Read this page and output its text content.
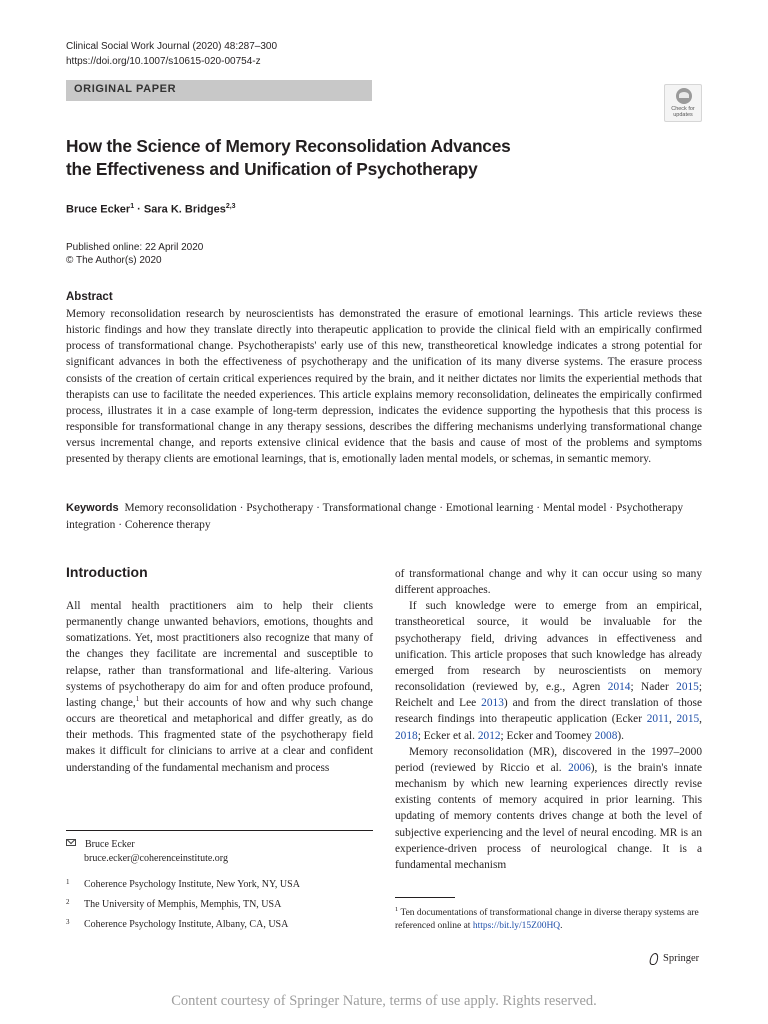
Clinical Social Work Journal (2020) 48:287–300
https://doi.org/10.1007/s10615-020-00754-z
ORIGINAL PAPER
Check for
updates
How the Science of Memory Reconsolidation Advances
the Effectiveness and Unification of Psychotherapy
Bruce Ecker$^1$ · Sara K. Bridges$^{2,3}$
Published online: 22 April 2020
© The Author(s) 2020
Abstract
Memory reconsolidation research by neuroscientists has demonstrated the erasure of emotional learnings. This article reviews these historic findings and how they translate directly into therapeutic application to provide the clinical field with an empirically confirmed process of transformational change. Psychotherapists' early use of this new, transtheoretical knowledge indicates a strong potential for significant advances in both the effectiveness of psychotherapy and the unification of its many diverse systems. The erasure process consists of the creation of certain critical experiences required by the brain, and it neither dictates nor limits the experiential methods that therapists can use to facilitate the needed experiences. This article explains memory reconsolidation, delineates the empirically confirmed process, illustrates it in a case example of long-term depression, indicates the evidence supporting the hypothesis that this process is responsible for transformational change in any therapy sessions, describes the differing mechanisms underlying transformational change versus incremental change, and reports extensive clinical evidence that the basis and cause of most of the problems and symptoms presented by therapy clients are emotional learnings, that is, emotionally laden mental models, or schemas, in semantic memory.
Keywords Memory reconsolidation · Psychotherapy · Transformational change · Emotional learning · Mental model · Psychotherapy integration · Coherence therapy
Introduction

All mental health practitioners aim to help their clients permanently change unwanted behaviors, emotions, thoughts and somatizations. Yet, most practitioners also recognize that many of the changes they facilitate are incremental and susceptible to relapse, rather than transformational and life-altering. Various systems of psychotherapy do aim for and often produce profound, lasting change,$^1$ but their accounts of how and why such change occurs are theoretical and metaphorical and differ greatly, as do their methods. This fragmented state of the psychotherapy field makes it difficult for clinicians to arrive at a clear and confident understanding of the fundamental mechanism and process

of transformational change and why it can occur using so many different approaches.

If such knowledge were to emerge from an empirical, transtheoretical source, it would be invaluable for the psychotherapy field, driving advances in effectiveness and unification. This article proposes that such knowledge has already emerged from research by neuroscientists on memory reconsolidation (reviewed by, e.g., Agren 2014; Nader 2015; Reichelt and Lee 2013) and from the direct translation of those research findings into therapeutic application (Ecker 2011, 2015, 2018; Ecker et al. 2012; Ecker and Toomey 2008).

Memory reconsolidation (MR), discovered in the 1997–2000 period (reviewed by Riccio et al. 2006), is the brain's innate mechanism by which new learning experiences directly revise existing contents of memory acquired in prior learning. This updating of memory contents drives change at both the level of subjective experiencing and the level of neural encoding. MR is an experience-driven process of neurological change. It is a fundamental mechanism

Bruce Ecker
bruce.ecker@coherenceinstitute.org
1 Coherence Psychology Institute, New York, NY, USA
2 The University of Memphis, Memphis, TN, USA
3 Coherence Psychology Institute, Albany, CA, USA
$^1$ Ten documentations of transformational change in diverse therapy systems are referenced online at https://bit.ly/15Z00HQ.
Springer
Content courtesy of Springer Nature, terms of use apply. Rights reserved.
